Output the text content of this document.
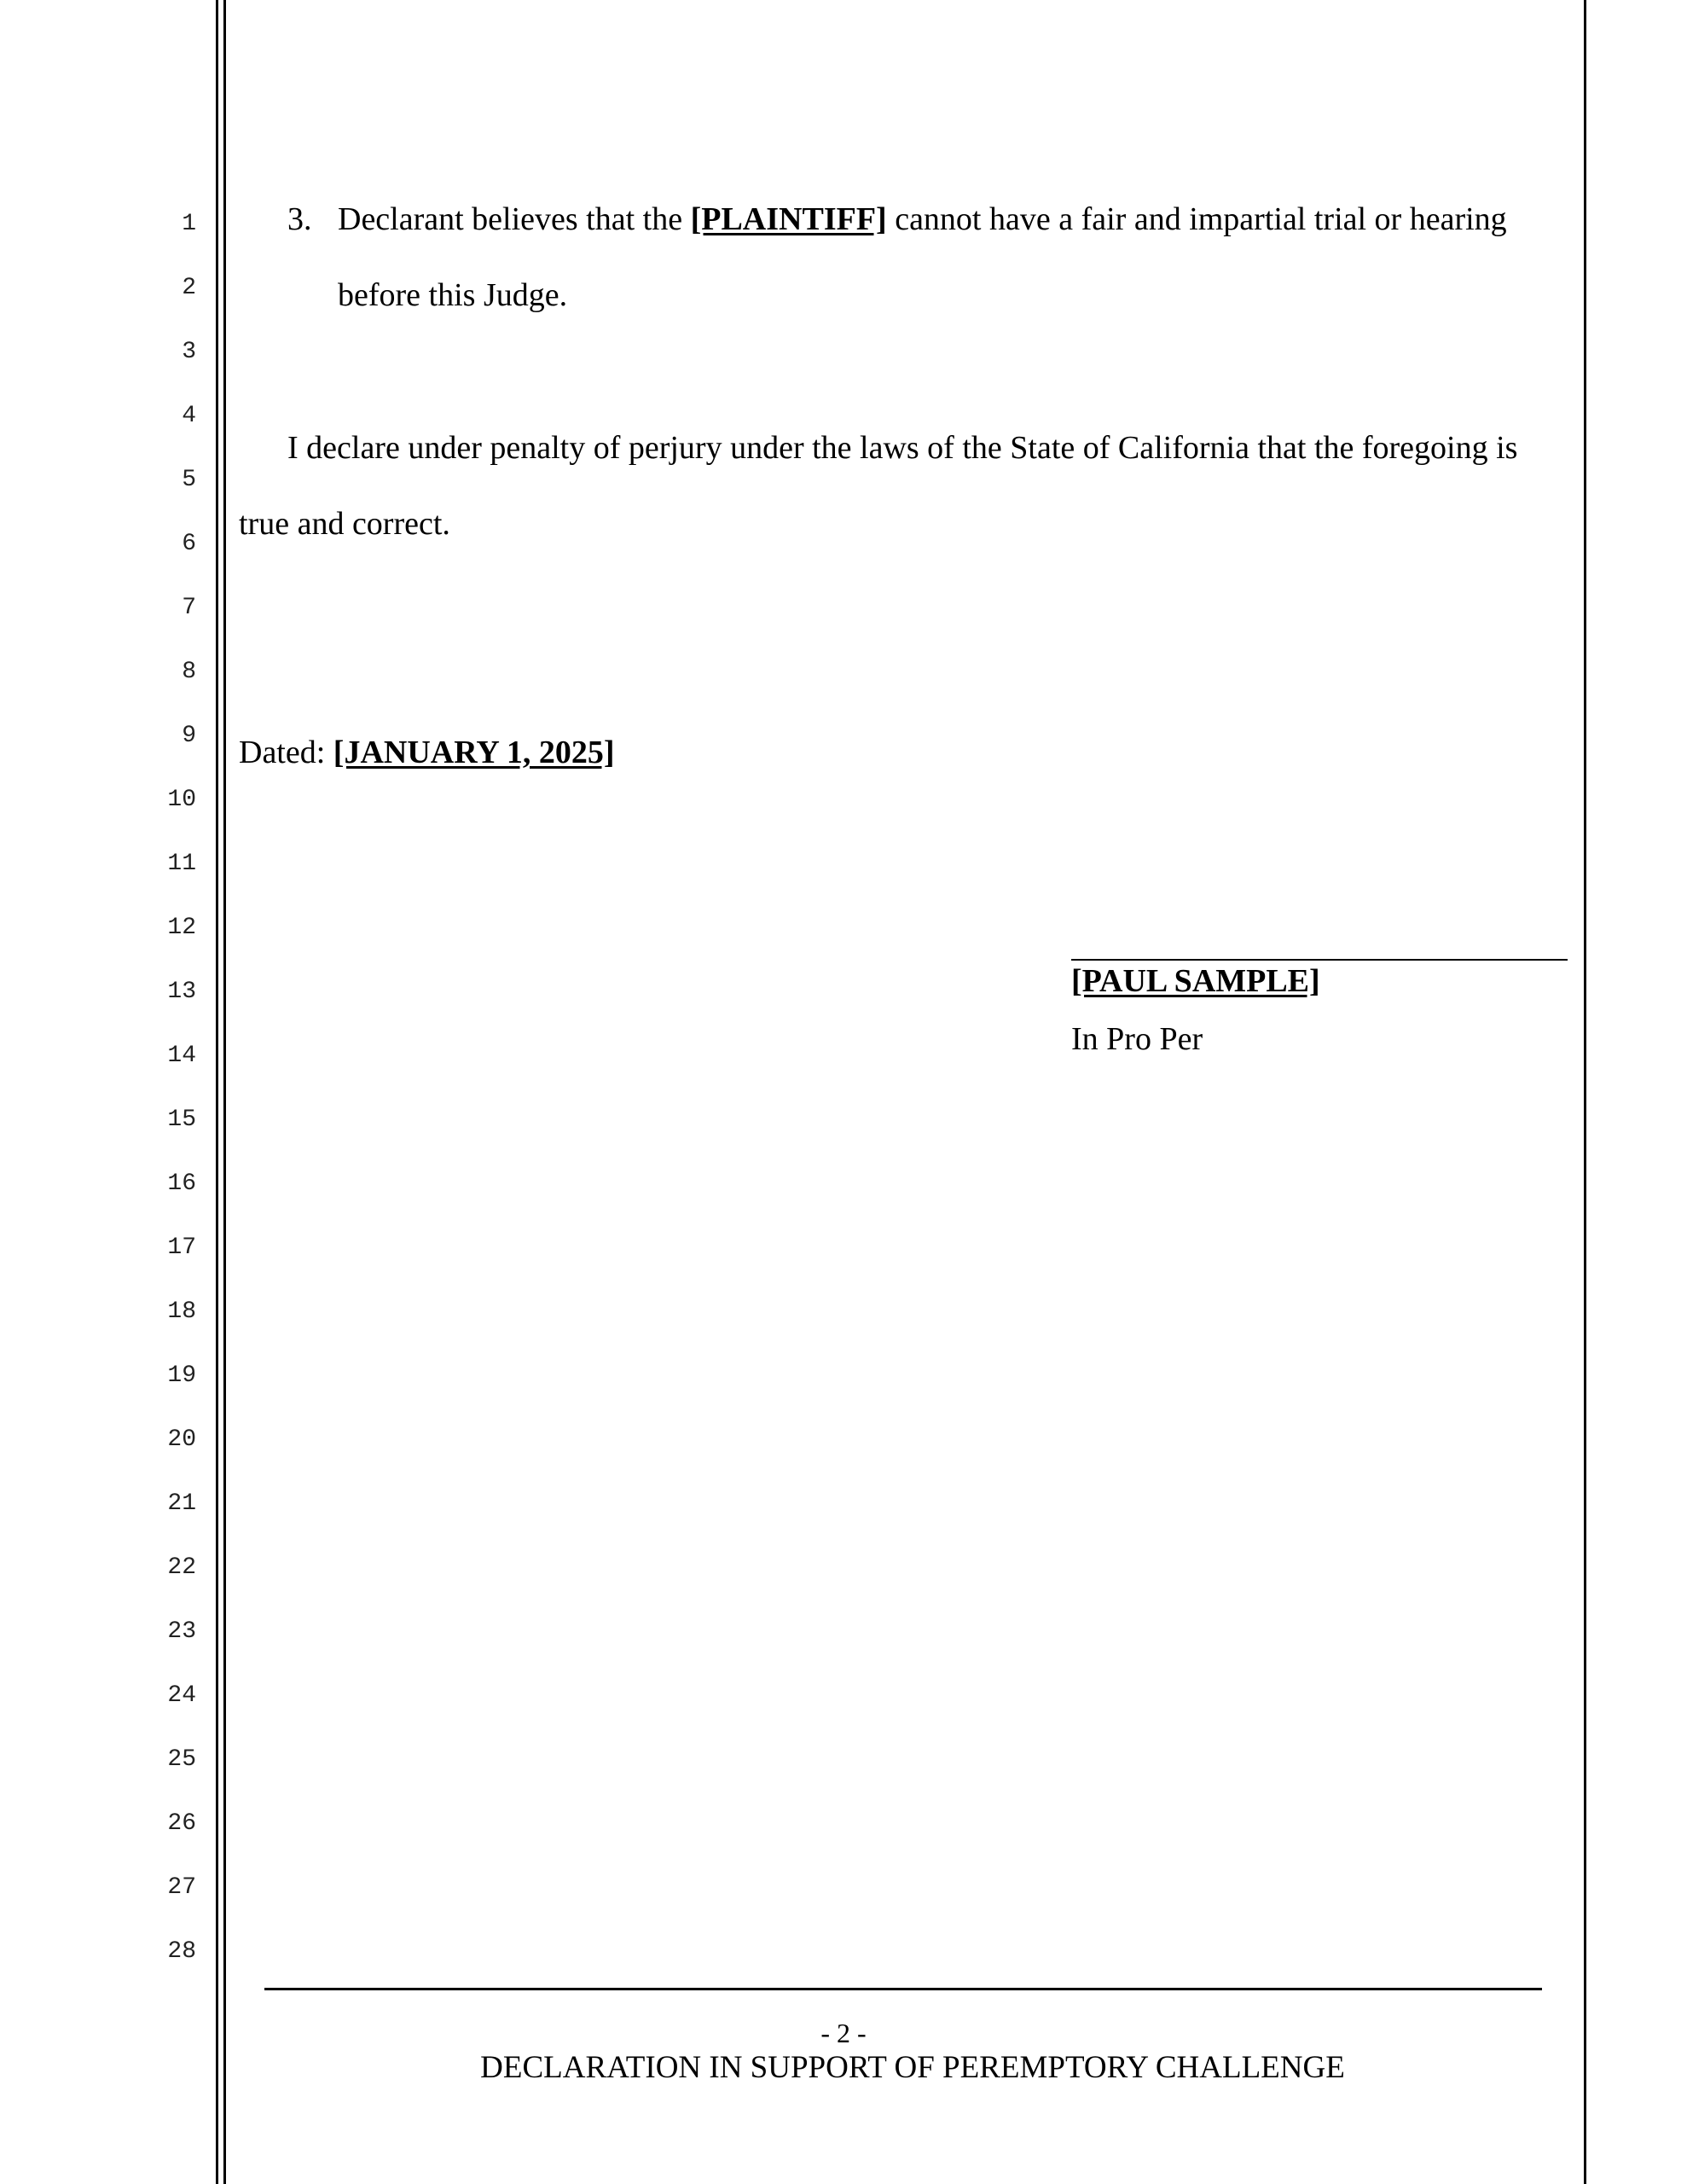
1
2
3
4
5
6
7
8
9
10
11
12
13
14
15
16
17
18
19
20
21
22
23
24
25
26
27
28
3. Declarant believes that the [PLAINTIFF] cannot have a fair and impartial trial or hearing
before this Judge.
I declare under penalty of perjury under the laws of the State of California that the foregoing is
true and correct.
Dated: [JANUARY 1, 2025]
[PAUL SAMPLE]
In Pro Per
- 2 -
DECLARATION IN SUPPORT OF PEREMPTORY CHALLENGE
